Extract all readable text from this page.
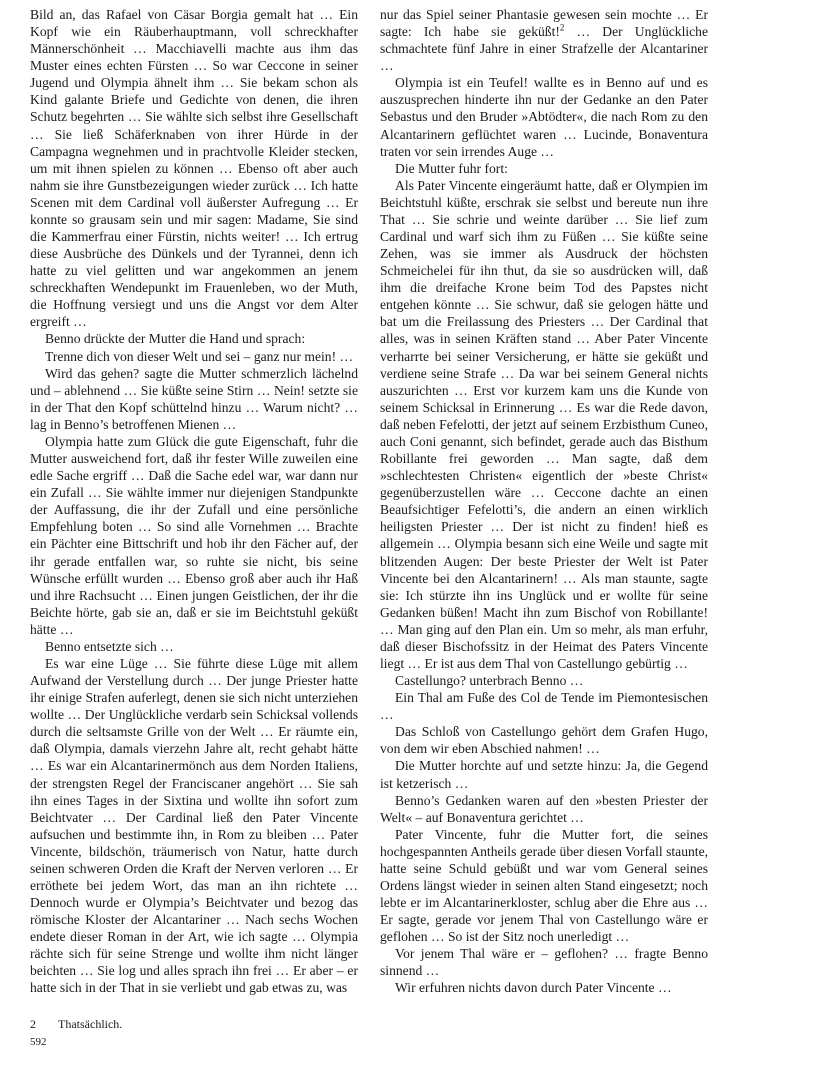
Bild an, das Rafael von Cäsar Borgia gemalt hat … Ein Kopf wie ein Räuberhauptmann, voll schreckhafter Männerschönheit … Macchiavelli machte aus ihm das Muster eines echten Fürsten … So war Ceccone in seiner Jugend und Olympia ähnelt ihm … Sie bekam schon als Kind galante Briefe und Gedichte von denen, die ihren Schutz begehrten … Sie wählte sich selbst ihre Gesellschaft … Sie ließ Schäferknaben von ihrer Hürde in der Campagna wegnehmen und in prachtvolle Kleider stecken, um mit ihnen spielen zu können … Ebenso oft aber auch nahm sie ihre Gunstbezeigungen wieder zurück … Ich hatte Scenen mit dem Cardinal voll äußerster Aufregung … Er konnte so grausam sein und mir sagen: Madame, Sie sind die Kammerfrau einer Fürstin, nichts weiter! … Ich ertrug diese Ausbrüche des Dünkels und der Tyrannei, denn ich hatte zu viel gelitten und war angekommen an jenem schreckhaften Wendepunkt im Frauenleben, wo der Muth, die Hoffnung versiegt und uns die Angst vor dem Alter ergreift …

Benno drückte der Mutter die Hand und sprach:

Trenne dich von dieser Welt und sei – ganz nur mein! …

Wird das gehen? sagte die Mutter schmerzlich lächelnd und – ablehnend … Sie küßte seine Stirn … Nein! setzte sie in der That den Kopf schüttelnd hinzu … Warum nicht? … lag in Benno’s betroffenen Mienen …

Olympia hatte zum Glück die gute Eigenschaft, fuhr die Mutter ausweichend fort, daß ihr fester Wille zuweilen eine edle Sache ergriff … Daß die Sache edel war, war dann nur ein Zufall … Sie wählte immer nur diejenigen Standpunkte der Auffassung, die ihr der Zufall und eine persönliche Empfehlung boten … So sind alle Vornehmen … Brachte ein Pächter eine Bittschrift und hob ihr den Fächer auf, der ihr gerade entfallen war, so ruhte sie nicht, bis seine Wünsche erfüllt wurden … Ebenso groß aber auch ihr Haß und ihre Rachsucht … Einen jungen Geistlichen, der ihr die Beichte hörte, gab sie an, daß er sie im Beichtstuhl geküßt hätte …

Benno entsetzte sich …

Es war eine Lüge … Sie führte diese Lüge mit allem Aufwand der Verstellung durch … Der junge Priester hatte ihr einige Strafen auferlegt, denen sie sich nicht unterziehen wollte … Der Unglückliche verdarb sein Schicksal vollends durch die seltsamste Grille von der Welt … Er räumte ein, daß Olympia, damals vierzehn Jahre alt, recht gehabt hätte … Es war ein Alcantarinermönch aus dem Norden Italiens, der strengsten Regel der Franciscaner angehört … Sie sah ihn eines Tages in der Sixtina und wollte ihn sofort zum Beichtvater … Der Cardinal ließ den Pater Vincente aufsuchen und bestimmte ihn, in Rom zu bleiben … Pater Vincente, bildschön, träumerisch von Natur, hatte durch seinen schweren Orden die Kraft der Nerven verloren … Er erröthete bei jedem Wort, das man an ihn richtete … Dennoch wurde er Olympia’s Beichtvater und bezog das römische Kloster der Alcantariner … Nach sechs Wochen endete dieser Roman in der Art, wie ich sagte … Olympia rächte sich für seine Strenge und wollte ihm nicht länger beichten … Sie log und alles sprach ihn frei … Er aber – er hatte sich in der That in sie verliebt und gab etwas zu, was

nur das Spiel seiner Phantasie gewesen sein mochte … Er sagte: Ich habe sie geküßt!$^2$ … Der Unglückliche schmachtete fünf Jahre in einer Strafzelle der Alcantariner …

Olympia ist ein Teufel! wallte es in Benno auf und es auszusprechen hinderte ihn nur der Gedanke an den Pater Sebastus und den Bruder »Abtödter«, die nach Rom zu den Alcantarinern geflüchtet waren … Lucinde, Bonaventura traten vor sein irrendes Auge …

Die Mutter fuhr fort:

Als Pater Vincente eingeräumt hatte, daß er Olympien im Beichtstuhl küßte, erschrak sie selbst und bereute nun ihre That … Sie schrie und weinte darüber … Sie lief zum Cardinal und warf sich ihm zu Füßen … Sie küßte seine Zehen, was sie immer als Ausdruck der höchsten Schmeichelei für ihn thut, da sie so ausdrücken will, daß ihm die dreifache Krone beim Tod des Papstes nicht entgehen könnte … Sie schwur, daß sie gelogen hätte und bat um die Freilassung des Priesters … Der Cardinal that alles, was in seinen Kräften stand … Aber Pater Vincente verharrte bei seiner Versicherung, er hätte sie geküßt und verdiene seine Strafe … Da war bei seinem General nichts auszurichten … Erst vor kurzem kam uns die Kunde von seinem Schicksal in Erinnerung … Es war die Rede davon, daß neben Fefelotti, der jetzt auf seinem Erzbisthum Cuneo, auch Coni genannt, sich befindet, gerade auch das Bisthum Robillante frei geworden … Man sagte, daß dem »schlechtesten Christen« eigentlich der »beste Christ« gegenüberzustellen wäre … Ceccone dachte an einen Beaufsichtiger Fefelotti’s, die andern an einen wirklich heiligsten Priester … Der ist nicht zu finden! hieß es allgemein … Olympia besann sich eine Weile und sagte mit blitzenden Augen: Der beste Priester der Welt ist Pater Vincente bei den Alcantarinern! … Als man staunte, sagte sie: Ich stürzte ihn ins Unglück und er wollte für seine Gedanken büßen! Macht ihn zum Bischof von Robillante! … Man ging auf den Plan ein. Um so mehr, als man erfuhr, daß dieser Bischofssitz in der Heimat des Paters Vincente liegt … Er ist aus dem Thal von Castellungo gebürtig …

Castellungo? unterbrach Benno …

Ein Thal am Fuße des Col de Tende im Piemontesischen …

Das Schloß von Castellungo gehört dem Grafen Hugo, von dem wir eben Abschied nahmen! …

Die Mutter horchte auf und setzte hinzu: Ja, die Gegend ist ketzerisch …

Benno’s Gedanken waren auf den »besten Priester der Welt« – auf Bonaventura gerichtet …

Pater Vincente, fuhr die Mutter fort, die seines hochgespannten Antheils gerade über diesen Vorfall staunte, hatte seine Schuld gebüßt und war vom General seines Ordens längst wieder in seinen alten Stand eingesetzt; noch lebte er im Alcantarinerkloster, schlug aber die Ehre aus … Er sagte, gerade vor jenem Thal von Castellungo wäre er geflohen … So ist der Sitz noch unerledigt …

Vor jenem Thal wäre er – geflohen? … fragte Benno sinnend …

Wir erfuhren nichts davon durch Pater Vincente …

2 Thatsächlich.
592
